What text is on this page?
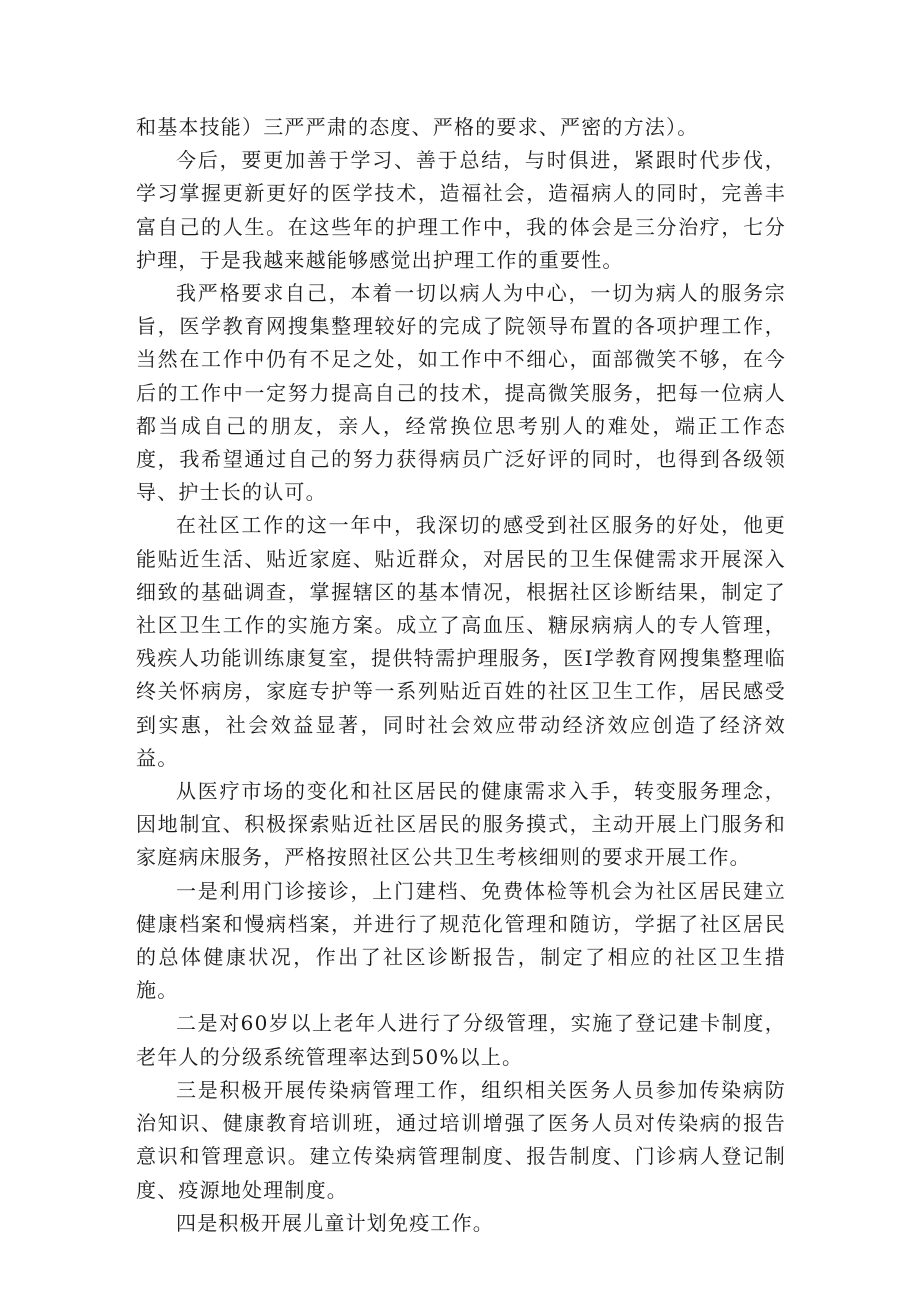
和基本技能）三严严肃的态度、严格的要求、严密的方法）。

今后，要更加善于学习、善于总结，与时俱进，紧跟时代步伐，学习掌握更新更好的医学技术，造福社会，造福病人的同时，完善丰富自己的人生。在这些年的护理工作中，我的体会是三分治疗，七分护理，于是我越来越能够感觉出护理工作的重要性。

我严格要求自己，本着一切以病人为中心，一切为病人的服务宗旨，医学教育网搜集整理较好的完成了院领导布置的各项护理工作，当然在工作中仍有不足之处，如工作中不细心，面部微笑不够，在今后的工作中一定努力提高自己的技术，提高微笑服务，把每一位病人都当成自己的朋友，亲人，经常换位思考别人的难处，端正工作态度，我希望通过自己的努力获得病员广泛好评的同时，也得到各级领导、护士长的认可。

在社区工作的这一年中，我深切的感受到社区服务的好处，他更能贴近生活、贴近家庭、贴近群众，对居民的卫生保健需求开展深入细致的基础调查，掌握辖区的基本情况，根据社区诊断结果，制定了社区卫生工作的实施方案。成立了高血压、糖尿病病人的专人管理，残疾人功能训练康复室，提供特需护理服务，医I学教育网搜集整理临终关怀病房，家庭专护等一系列贴近百姓的社区卫生工作，居民感受到实惠，社会效益显著，同时社会效应带动经济效应创造了经济效益。

从医疗市场的变化和社区居民的健康需求入手，转变服务理念，因地制宜、积极探索贴近社区居民的服务摸式，主动开展上门服务和家庭病床服务，严格按照社区公共卫生考核细则的要求开展工作。

一是利用门诊接诊，上门建档、免费体检等机会为社区居民建立健康档案和慢病档案，并进行了规范化管理和随访，学据了社区居民的总体健康状况，作出了社区诊断报告，制定了相应的社区卫生措施。

二是对60岁以上老年人进行了分级管理，实施了登记建卡制度，老年人的分级系统管理率达到50%以上。

三是积极开展传染病管理工作，组织相关医务人员参加传染病防治知识、健康教育培训班，通过培训增强了医务人员对传染病的报告意识和管理意识。建立传染病管理制度、报告制度、门诊病人登记制度、疫源地处理制度。

四是积极开展儿童计划免疫工作。
